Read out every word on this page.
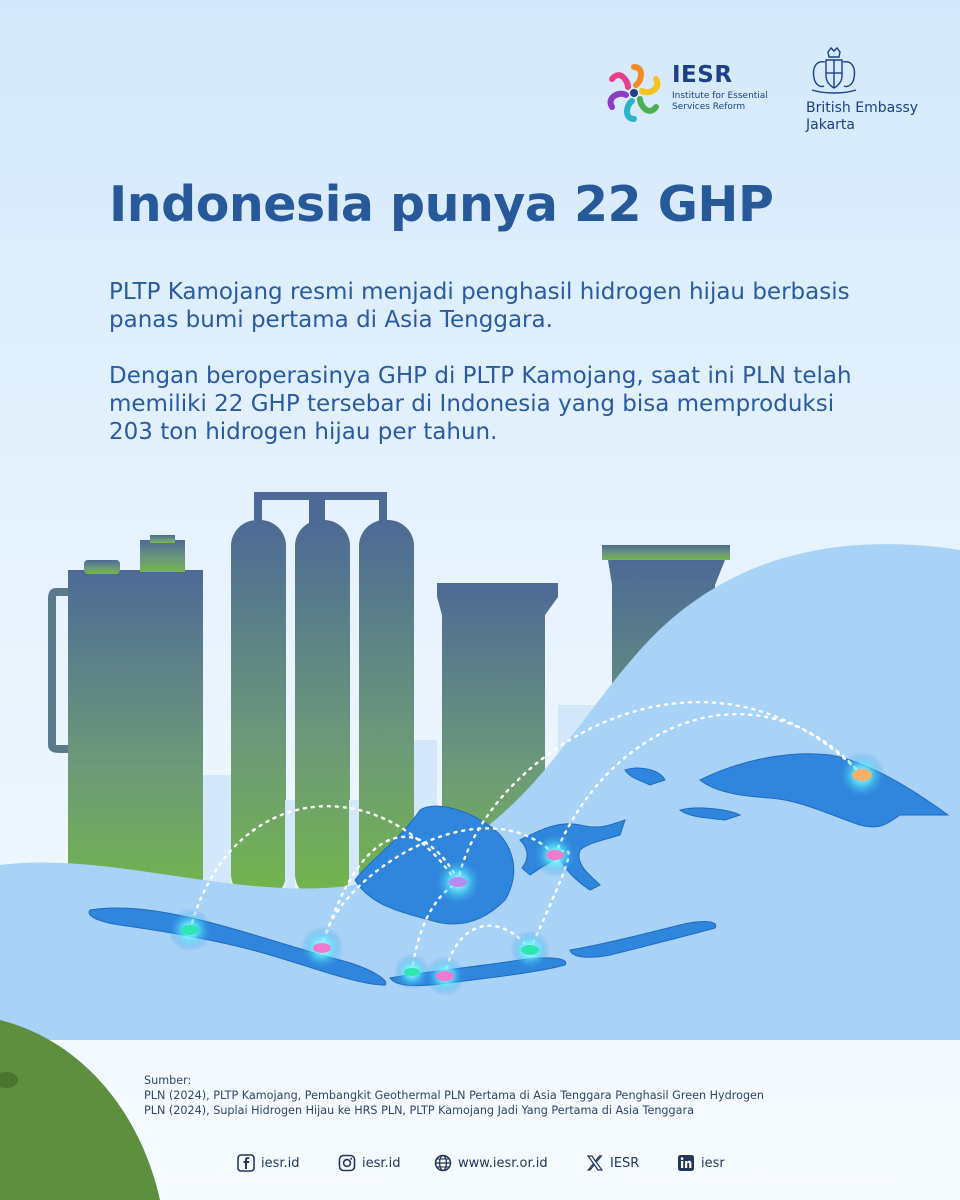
IESR
Institute for Essential Services Reform	British Embassy
Jakarta
Indonesia punya 22 GHP

PLTP Kamojang resmi menjadi penghasil hidrogen hijau berbasis panas bumi pertama di Asia Tenggara.

Dengan beroperasinya GHP di PLTP Kamojang, saat ini PLN telah memiliki 22 GHP tersebar di Indonesia yang bisa memproduksi 203 ton hidrogen hijau per tahun.

Sumber:
PLN (2024), PLTP Kamojang, Pembangkit Geothermal PLN Pertama di Asia Tenggara Penghasil Green Hydrogen
PLN (2024), Suplai Hidrogen Hijau ke HRS PLN, PLTP Kamojang Jadi Yang Pertama di Asia Tenggara
iesr.id	iesr.id	www.iesr.or.id	IESR	iesr
